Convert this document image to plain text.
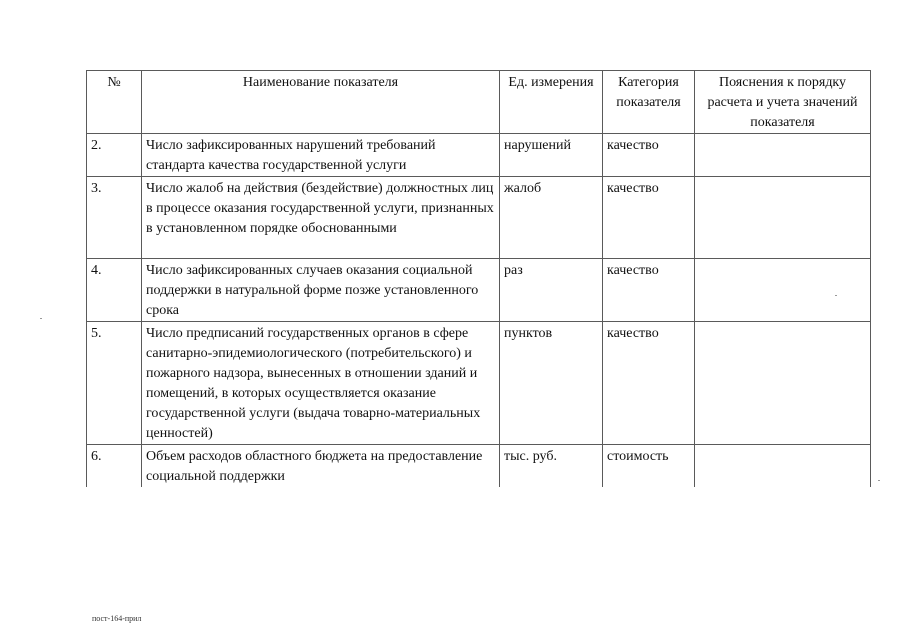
№	Наименование показателя	Ед. измерения	Категория показателя	Пояснения к порядку расчета и учета значений показателя
2.	Число зафиксированных нарушений требований стандарта качества государственной услуги	нарушений	качество	
3.	Число жалоб на действия (бездействие) должностных лиц в процессе оказания государственной услуги, признанных в установленном порядке обоснованными	жалоб	качество	
4.	Число зафиксированных случаев оказания социальной поддержки в натуральной форме позже установленного срока	раз	качество	
5.	Число предписаний государственных органов в сфере санитарно-эпидемиологического (потребительского) и пожарного надзора, вынесенных в отношении зданий и помещений, в которых осуществляется оказание государственной услуги (выдача товарно-материальных ценностей)	пунктов	качество	
6.	Объем расходов областного бюджета на предоставление социальной поддержки	тыс. руб.	стоимость	
пост-164-прил
